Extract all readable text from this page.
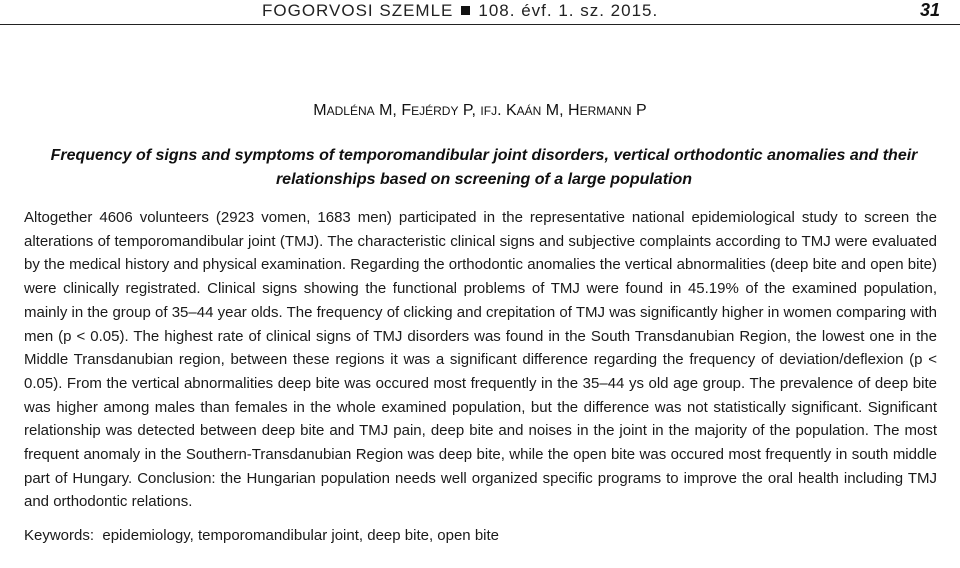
FOGORVOSI SZEMLE 108. évf. 1. sz. 2015.	31
MADLÉNA M, FEJÉRDY P, IFJ. KAÁN M, HERMANN P
Frequency of signs and symptoms of temporomandibular joint disorders, vertical orthodontic anomalies and their relationships based on screening of a large population
Altogether 4606 volunteers (2923 vomen, 1683 men) participated in the representative national epidemiological study to screen the alterations of temporomandibular joint (TMJ). The characteristic clinical signs and subjective complaints according to TMJ were evaluated by the medical history and physical examination. Regarding the orthodontic anomalies the vertical abnormalities (deep bite and open bite) were clinically registrated. Clinical signs showing the functional problems of TMJ were found in 45.19% of the examined population, mainly in the group of 35–44 year olds. The frequency of clicking and crepitation of TMJ was significantly higher in women comparing with men (p < 0.05). The highest rate of clinical signs of TMJ disorders was found in the South Transdanubian Region, the lowest one in the Middle Transdanubian region, between these regions it was a significant difference regarding the frequency of deviation/deflexion (p < 0.05). From the vertical abnormalities deep bite was occured most frequently in the 35–44 ys old age group. The prevalence of deep bite was higher among males than females in the whole examined population, but the difference was not statistically significant. Significant relationship was detected between deep bite and TMJ pain, deep bite and noises in the joint in the majority of the population. The most frequent anomaly in the Southern-Transdanubian Region was deep bite, while the open bite was occured most frequently in south middle part of Hungary. Conclusion: the Hungarian population needs well organized specific programs to improve the oral health including TMJ and orthodontic relations.
Keywords:  epidemiology, temporomandibular joint, deep bite, open bite
